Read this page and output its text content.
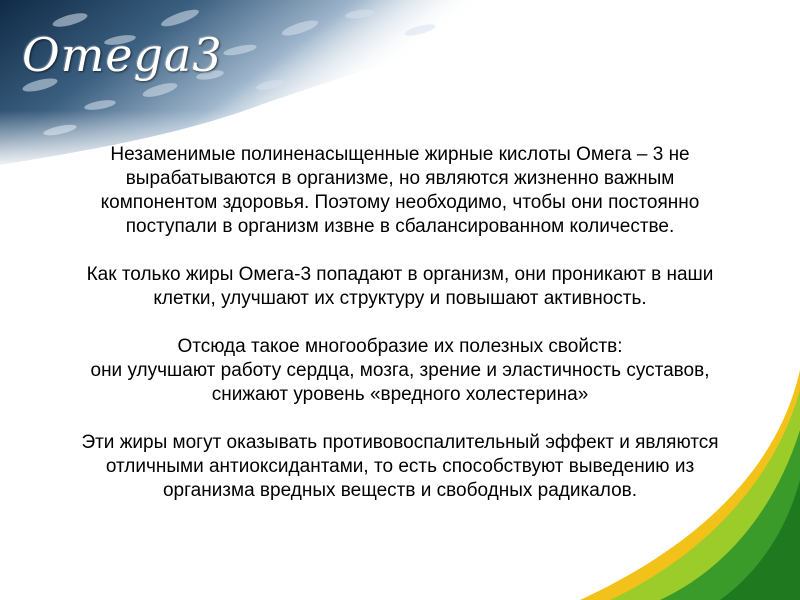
Omega3

Незаменимые полиненасыщенные жирные кислоты Омега – 3 не
вырабатываются в организме, но являются жизненно важным
компонентом здоровья. Поэтому необходимо, чтобы они постоянно
поступали в организм извне в сбалансированном количестве.

Как только жиры Омега-3 попадают в организм, они проникают в наши
клетки, улучшают их структуру и повышают активность.

Отсюда такое многообразие их полезных свойств:
они улучшают работу сердца, мозга, зрение и эластичность суставов,
снижают уровень «вредного холестерина»

Эти жиры могут оказывать противовоспалительный эффект и являются
отличными антиоксидантами, то есть способствуют выведению из
организма вредных веществ и свободных радикалов.
